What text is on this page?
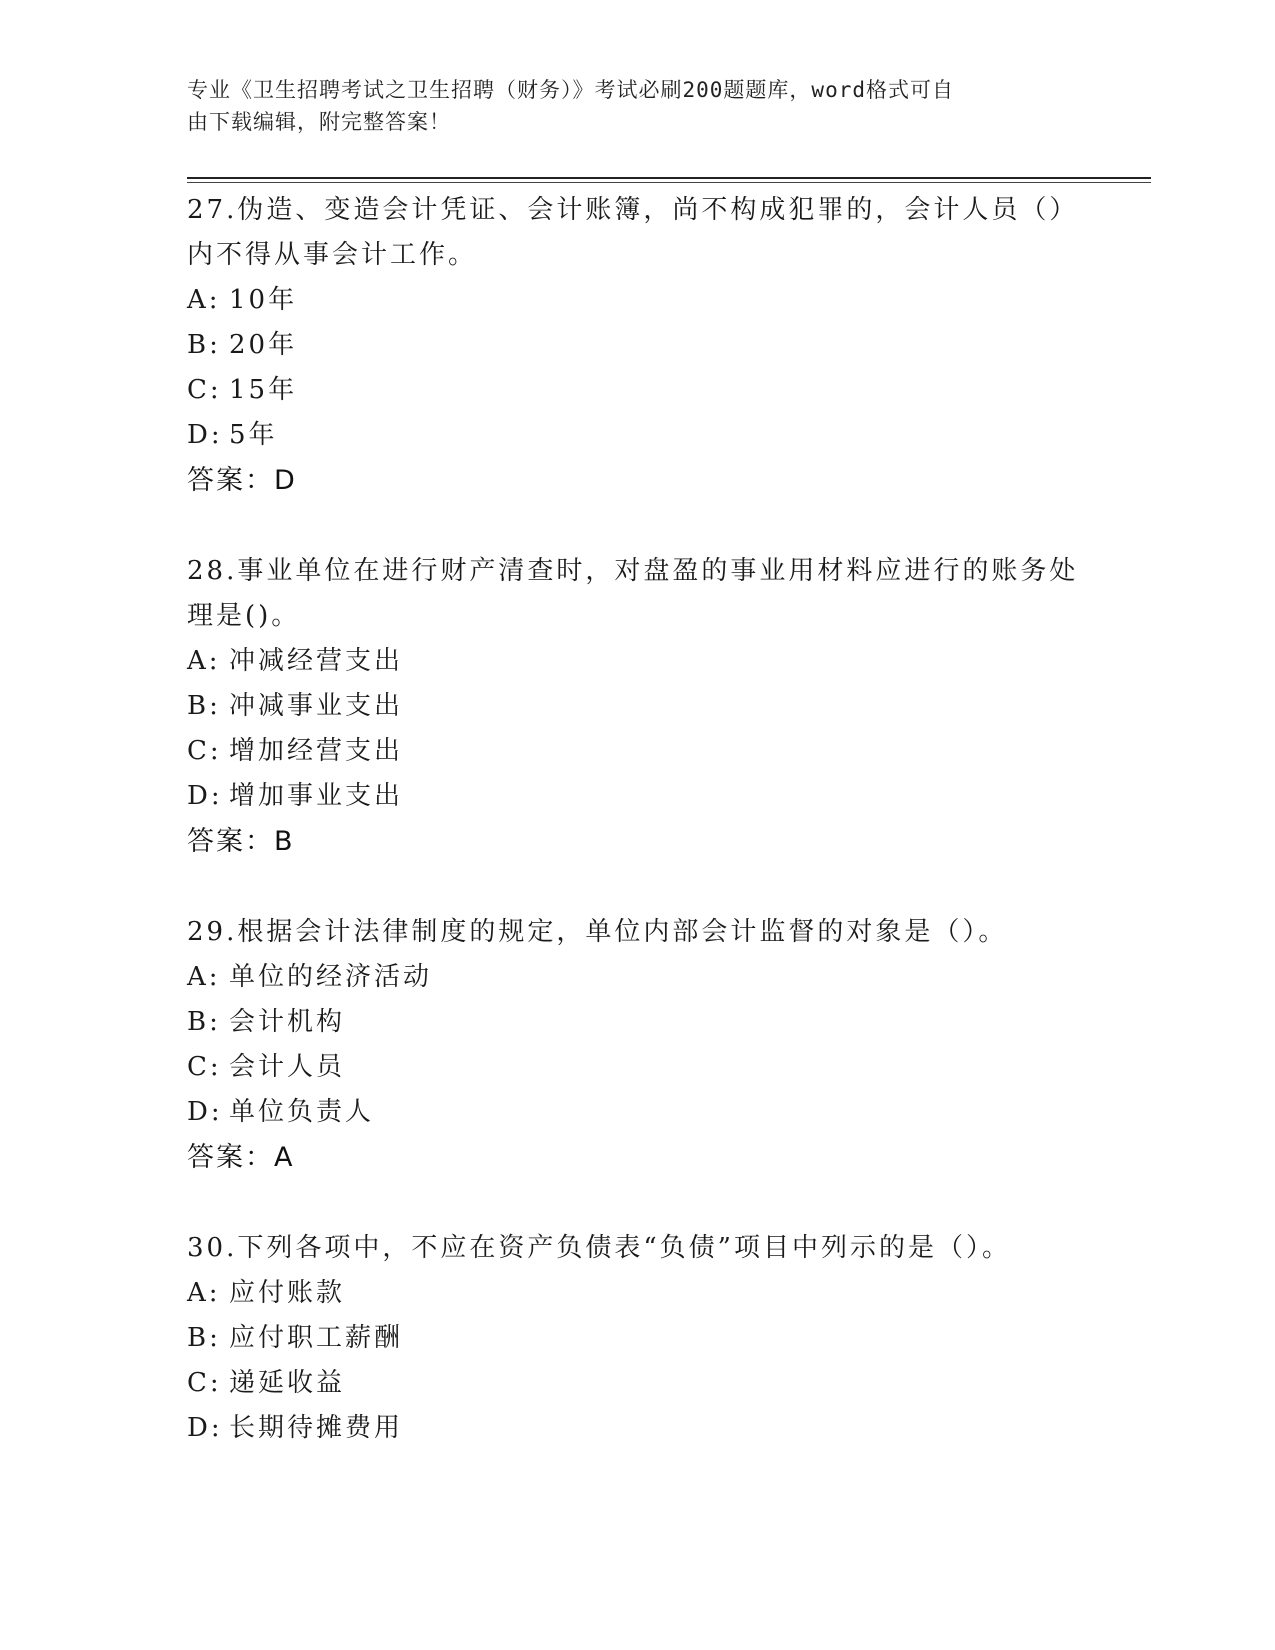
专业《卫生招聘考试之卫生招聘（财务）》考试必刷200题题库，word格式可自
由下载编辑，附完整答案！
27.伪造、变造会计凭证、会计账簿，尚不构成犯罪的，会计人员（）
内不得从事会计工作。
A: 10年
B: 20年
C: 15年
D: 5年
答案：D
28.事业单位在进行财产清查时，对盘盈的事业用材料应进行的账务处
理是()。
A: 冲减经营支出
B: 冲减事业支出
C: 增加经营支出
D: 增加事业支出
答案：B
29.根据会计法律制度的规定，单位内部会计监督的对象是（）。
A: 单位的经济活动
B: 会计机构
C: 会计人员
D: 单位负责人
答案：A
30.下列各项中，不应在资产负债表“负债”项目中列示的是（）。
A: 应付账款
B: 应付职工薪酬
C: 递延收益
D: 长期待摊费用
